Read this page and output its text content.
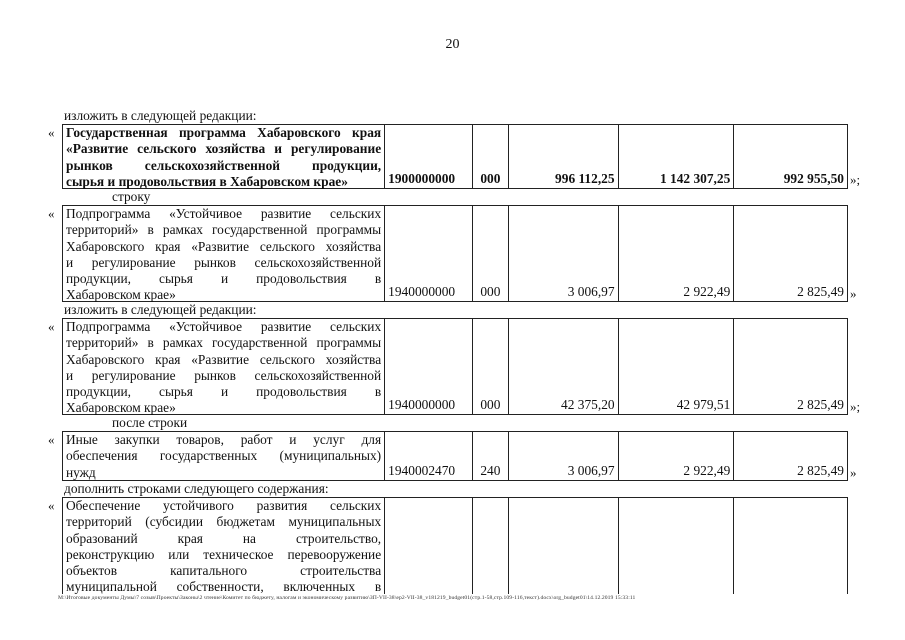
20
изложить в следующей редакции:
« Государственная программа Хабаровского края
«Развитие сельского хозяйства и регулирование
рынков сельскохозяйственной продукции,
сырья и продовольствия в Хабаровском крае»	1900000000	000	996 112,25	1 142 307,25	992 955,50 »;
строку
« Подпрограмма «Устойчивое развитие сельских
территорий» в рамках государственной программы
Хабаровского края «Развитие сельского хозяйства
и регулирование рынков сельскохозяйственной
продукции, сырья и продовольствия в
Хабаровском крае»	1940000000	000	3 006,97	2 922,49	2 825,49 »
изложить в следующей редакции:
« Подпрограмма «Устойчивое развитие сельских
территорий» в рамках государственной программы
Хабаровского края «Развитие сельского хозяйства
и регулирование рынков сельскохозяйственной
продукции, сырья и продовольствия в
Хабаровском крае»	1940000000	000	42 375,20	42 979,51	2 825,49 »;
после строки
« Иные закупки товаров, работ и услуг для
обеспечения государственных (муниципальных)
нужд	1940002470	240	3 006,97	2 922,49	2 825,49 »
дополнить строками следующего содержания:
« Обеспечение устойчивого развития сельских
территорий (субсидии бюджетам муниципальных
образований края на строительство,
реконструкцию или техническое перевооружение
объектов капитального строительства
муниципальной собственности, включенных в
M:\Итоговые документы Думы\7 созыв\Проекты\Законы\2 чтение\Комитет по бюджету, налогам и экономическому развитию\ЗП-VII-38\ep2-VII-38_v181219_budget01(стр.1-58,стр.109-116,текст).docx\org_budget01\14.12.2019 15:33:11
